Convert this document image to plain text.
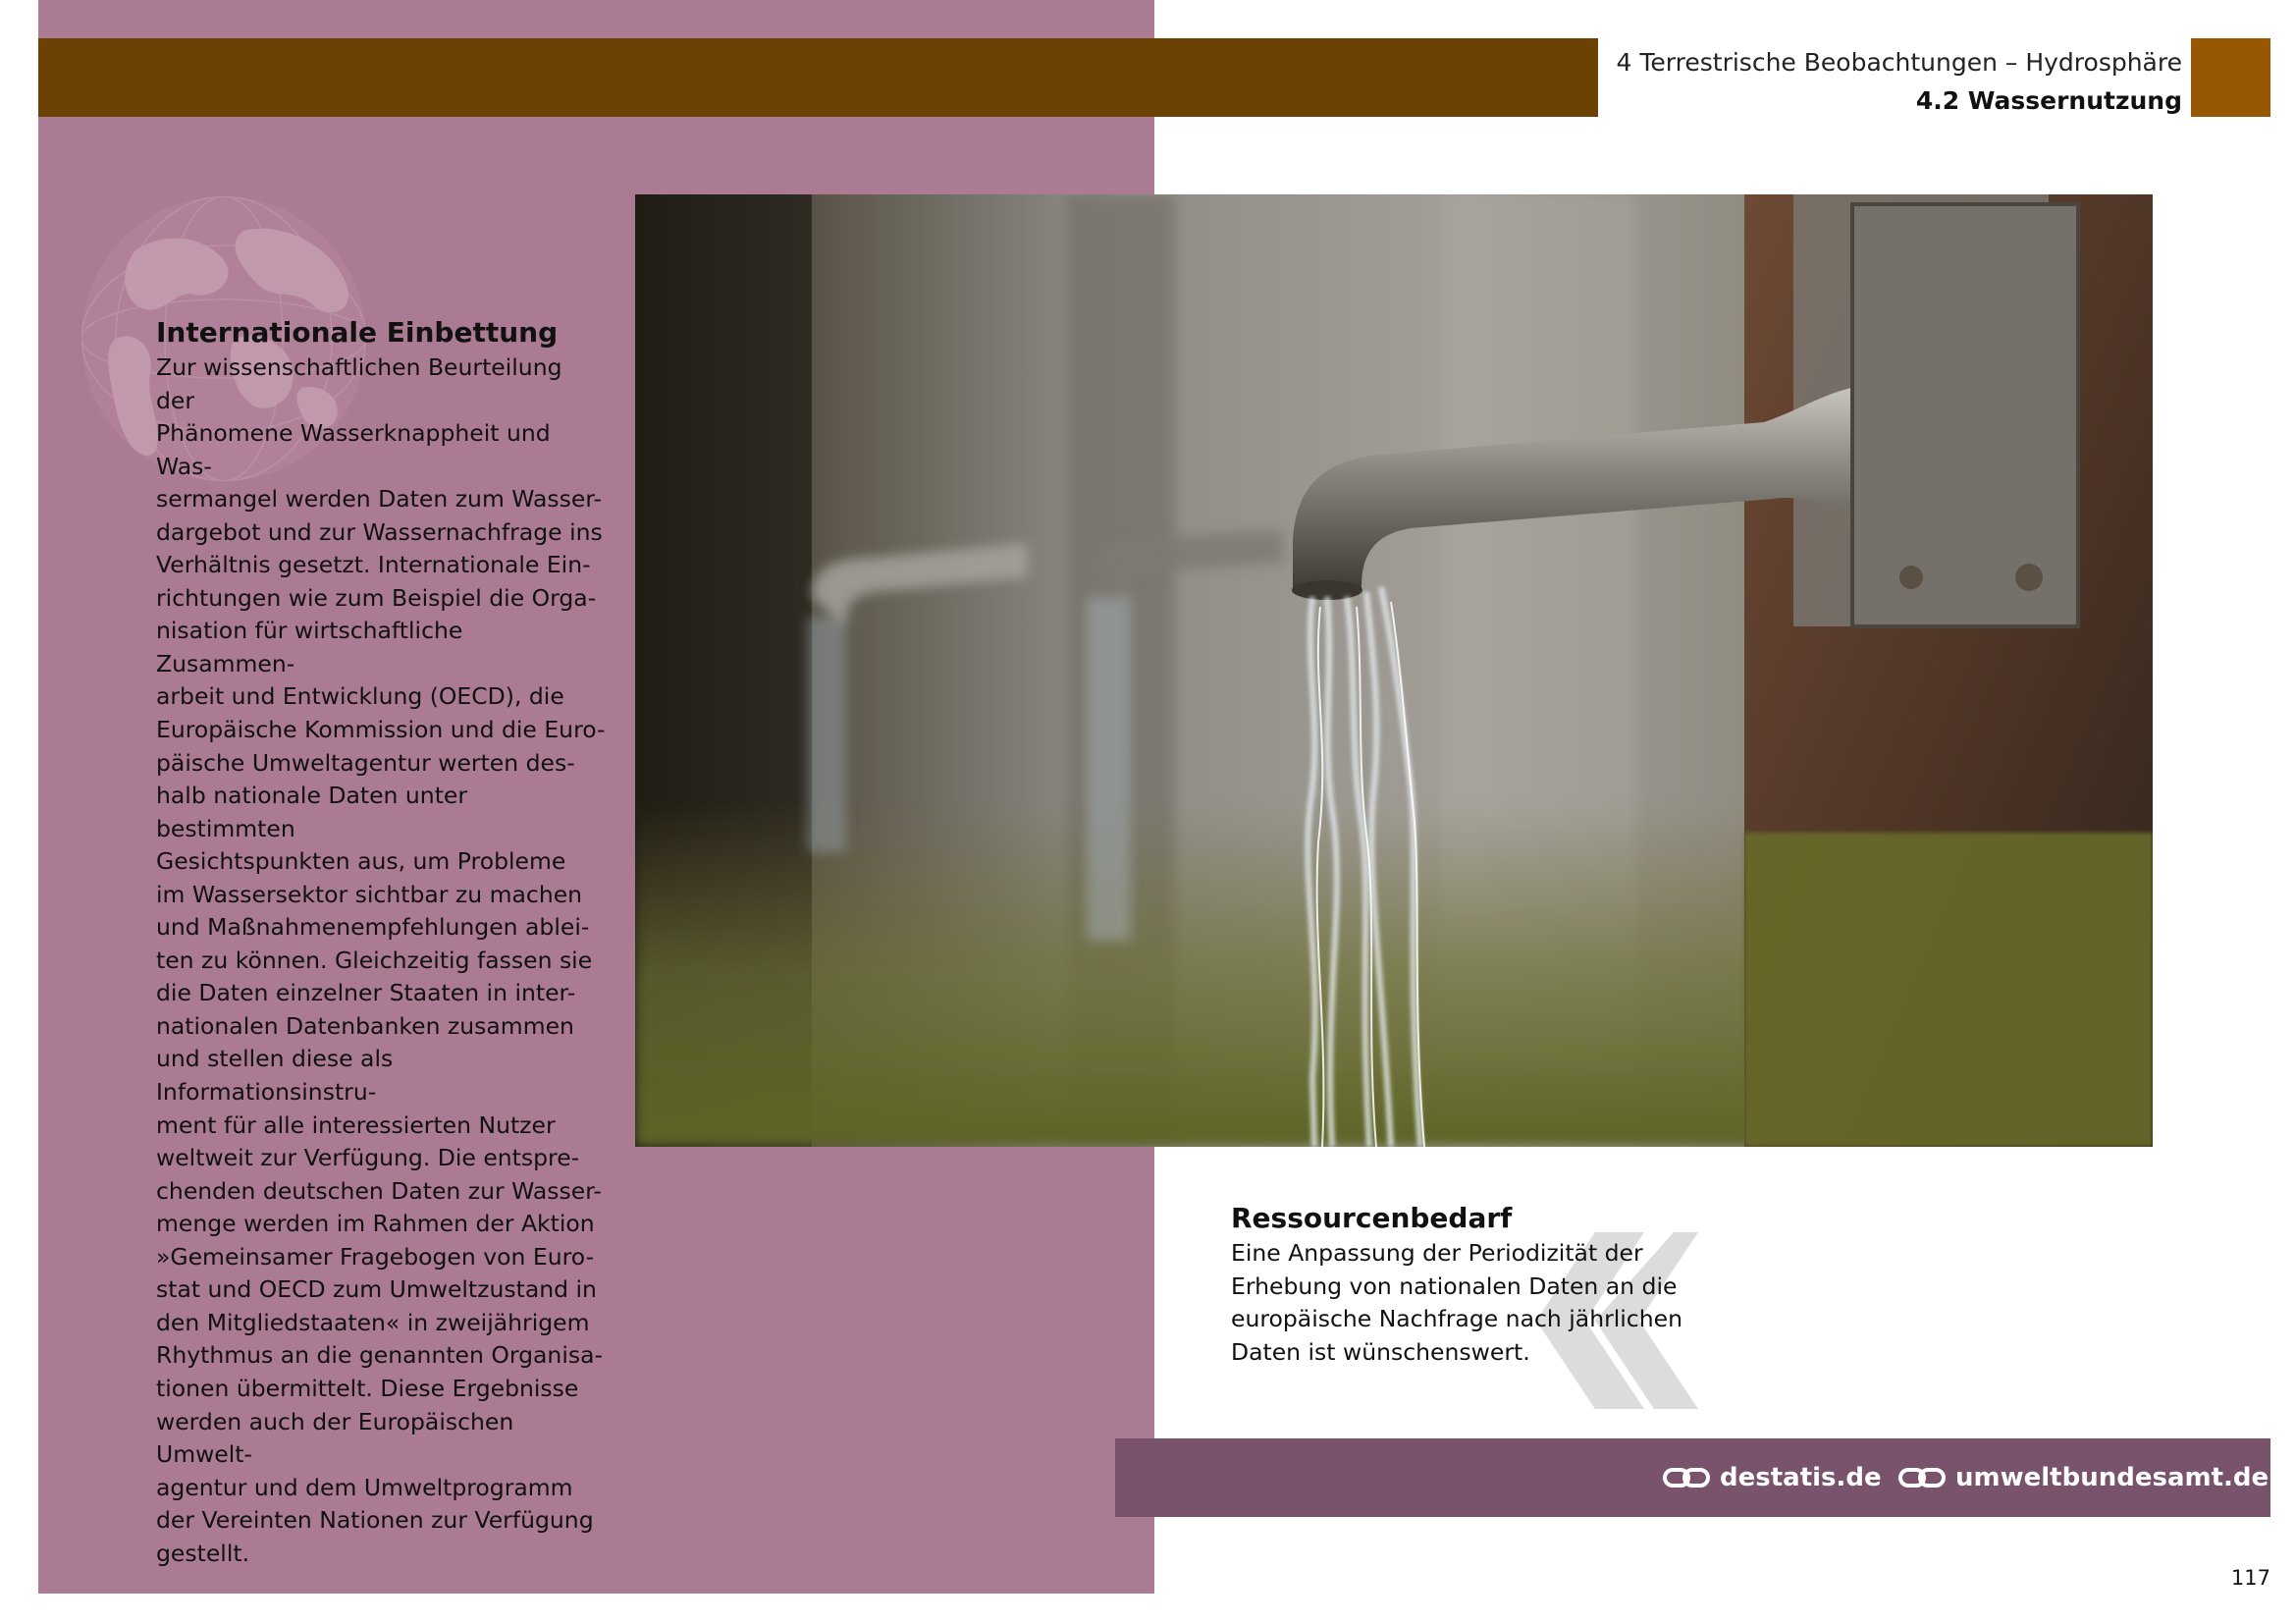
4 Terrestrische Beobachtungen – Hydrosphäre
4.2 Wassernutzung
Internationale Einbettung

Zur wissenschaftlichen Beurteilung der
Phänomene Wasserknappheit und Was-
sermangel werden Daten zum Wasser-
dargebot und zur Wassernachfrage ins
Verhältnis gesetzt. Internationale Ein-
richtungen wie zum Beispiel die Orga-
nisation für wirtschaftliche Zusammen-
arbeit und Entwicklung (OECD), die
Europäische Kommission und die Euro-
päische Umweltagentur werten des-
halb nationale Daten unter bestimmten
Gesichtspunkten aus, um Probleme
im Wassersektor sichtbar zu machen
und Maßnahmenempfehlungen ablei-
ten zu können. Gleichzeitig fassen sie
die Daten einzelner Staaten in inter-
nationalen Datenbanken zusammen
und stellen diese als Informationsinstru-
ment für alle interessierten Nutzer
weltweit zur Verfügung. Die entspre-
chenden deutschen Daten zur Wasser-
menge werden im Rahmen der Aktion
»Gemeinsamer Fragebogen von Euro-
stat und OECD zum Umweltzustand in
den Mitgliedstaaten« in zweijährigem
Rhythmus an die genannten Organisa-
tionen übermittelt. Diese Ergebnisse
werden auch der Europäischen Umwelt-
agentur und dem Umweltprogramm
der Vereinten Nationen zur Verfügung
gestellt.

Ressourcenbedarf

Eine Anpassung der Periodizität der
Erhebung von nationalen Daten an die
europäische Nachfrage nach jährlichen
Daten ist wünschenswert.

destatis.de	umweltbundesamt.de
117
